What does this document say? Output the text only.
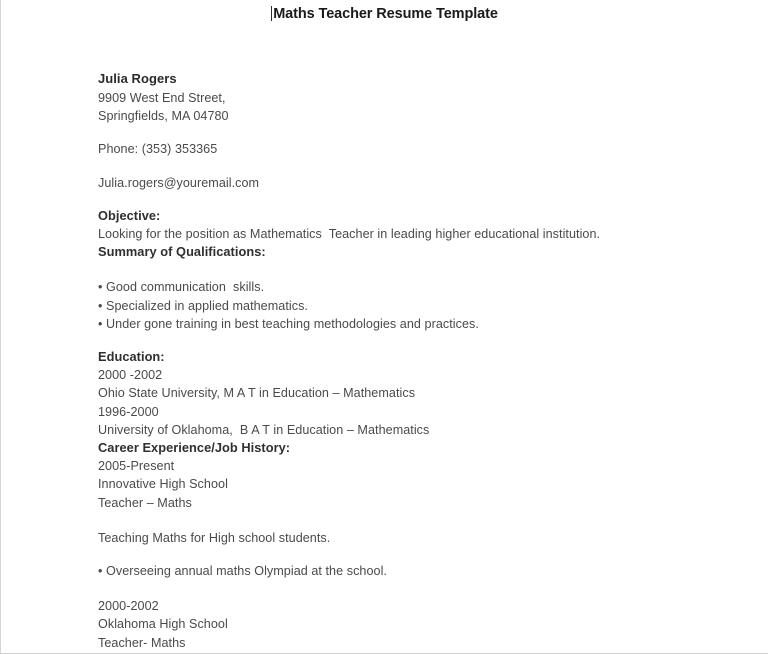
Maths Teacher Resume Template
Julia Rogers
9909 West End Street,
Springfields, MA 04780
Phone: (353) 353365
Julia.rogers@youremail.com
Objective:
Looking for the position as Mathematics  Teacher in leading higher educational institution.
Summary of Qualifications:
• Good communication  skills.
• Specialized in applied mathematics.
• Under gone training in best teaching methodologies and practices.
Education:
2000 -2002
Ohio State University, M A T in Education – Mathematics
1996-2000
University of Oklahoma,  B A T in Education – Mathematics
Career Experience/Job History:
2005-Present
Innovative High School
Teacher – Maths
Teaching Maths for High school students.
• Overseeing annual maths Olympiad at the school.
2000-2002
Oklahoma High School
Teacher- Maths
